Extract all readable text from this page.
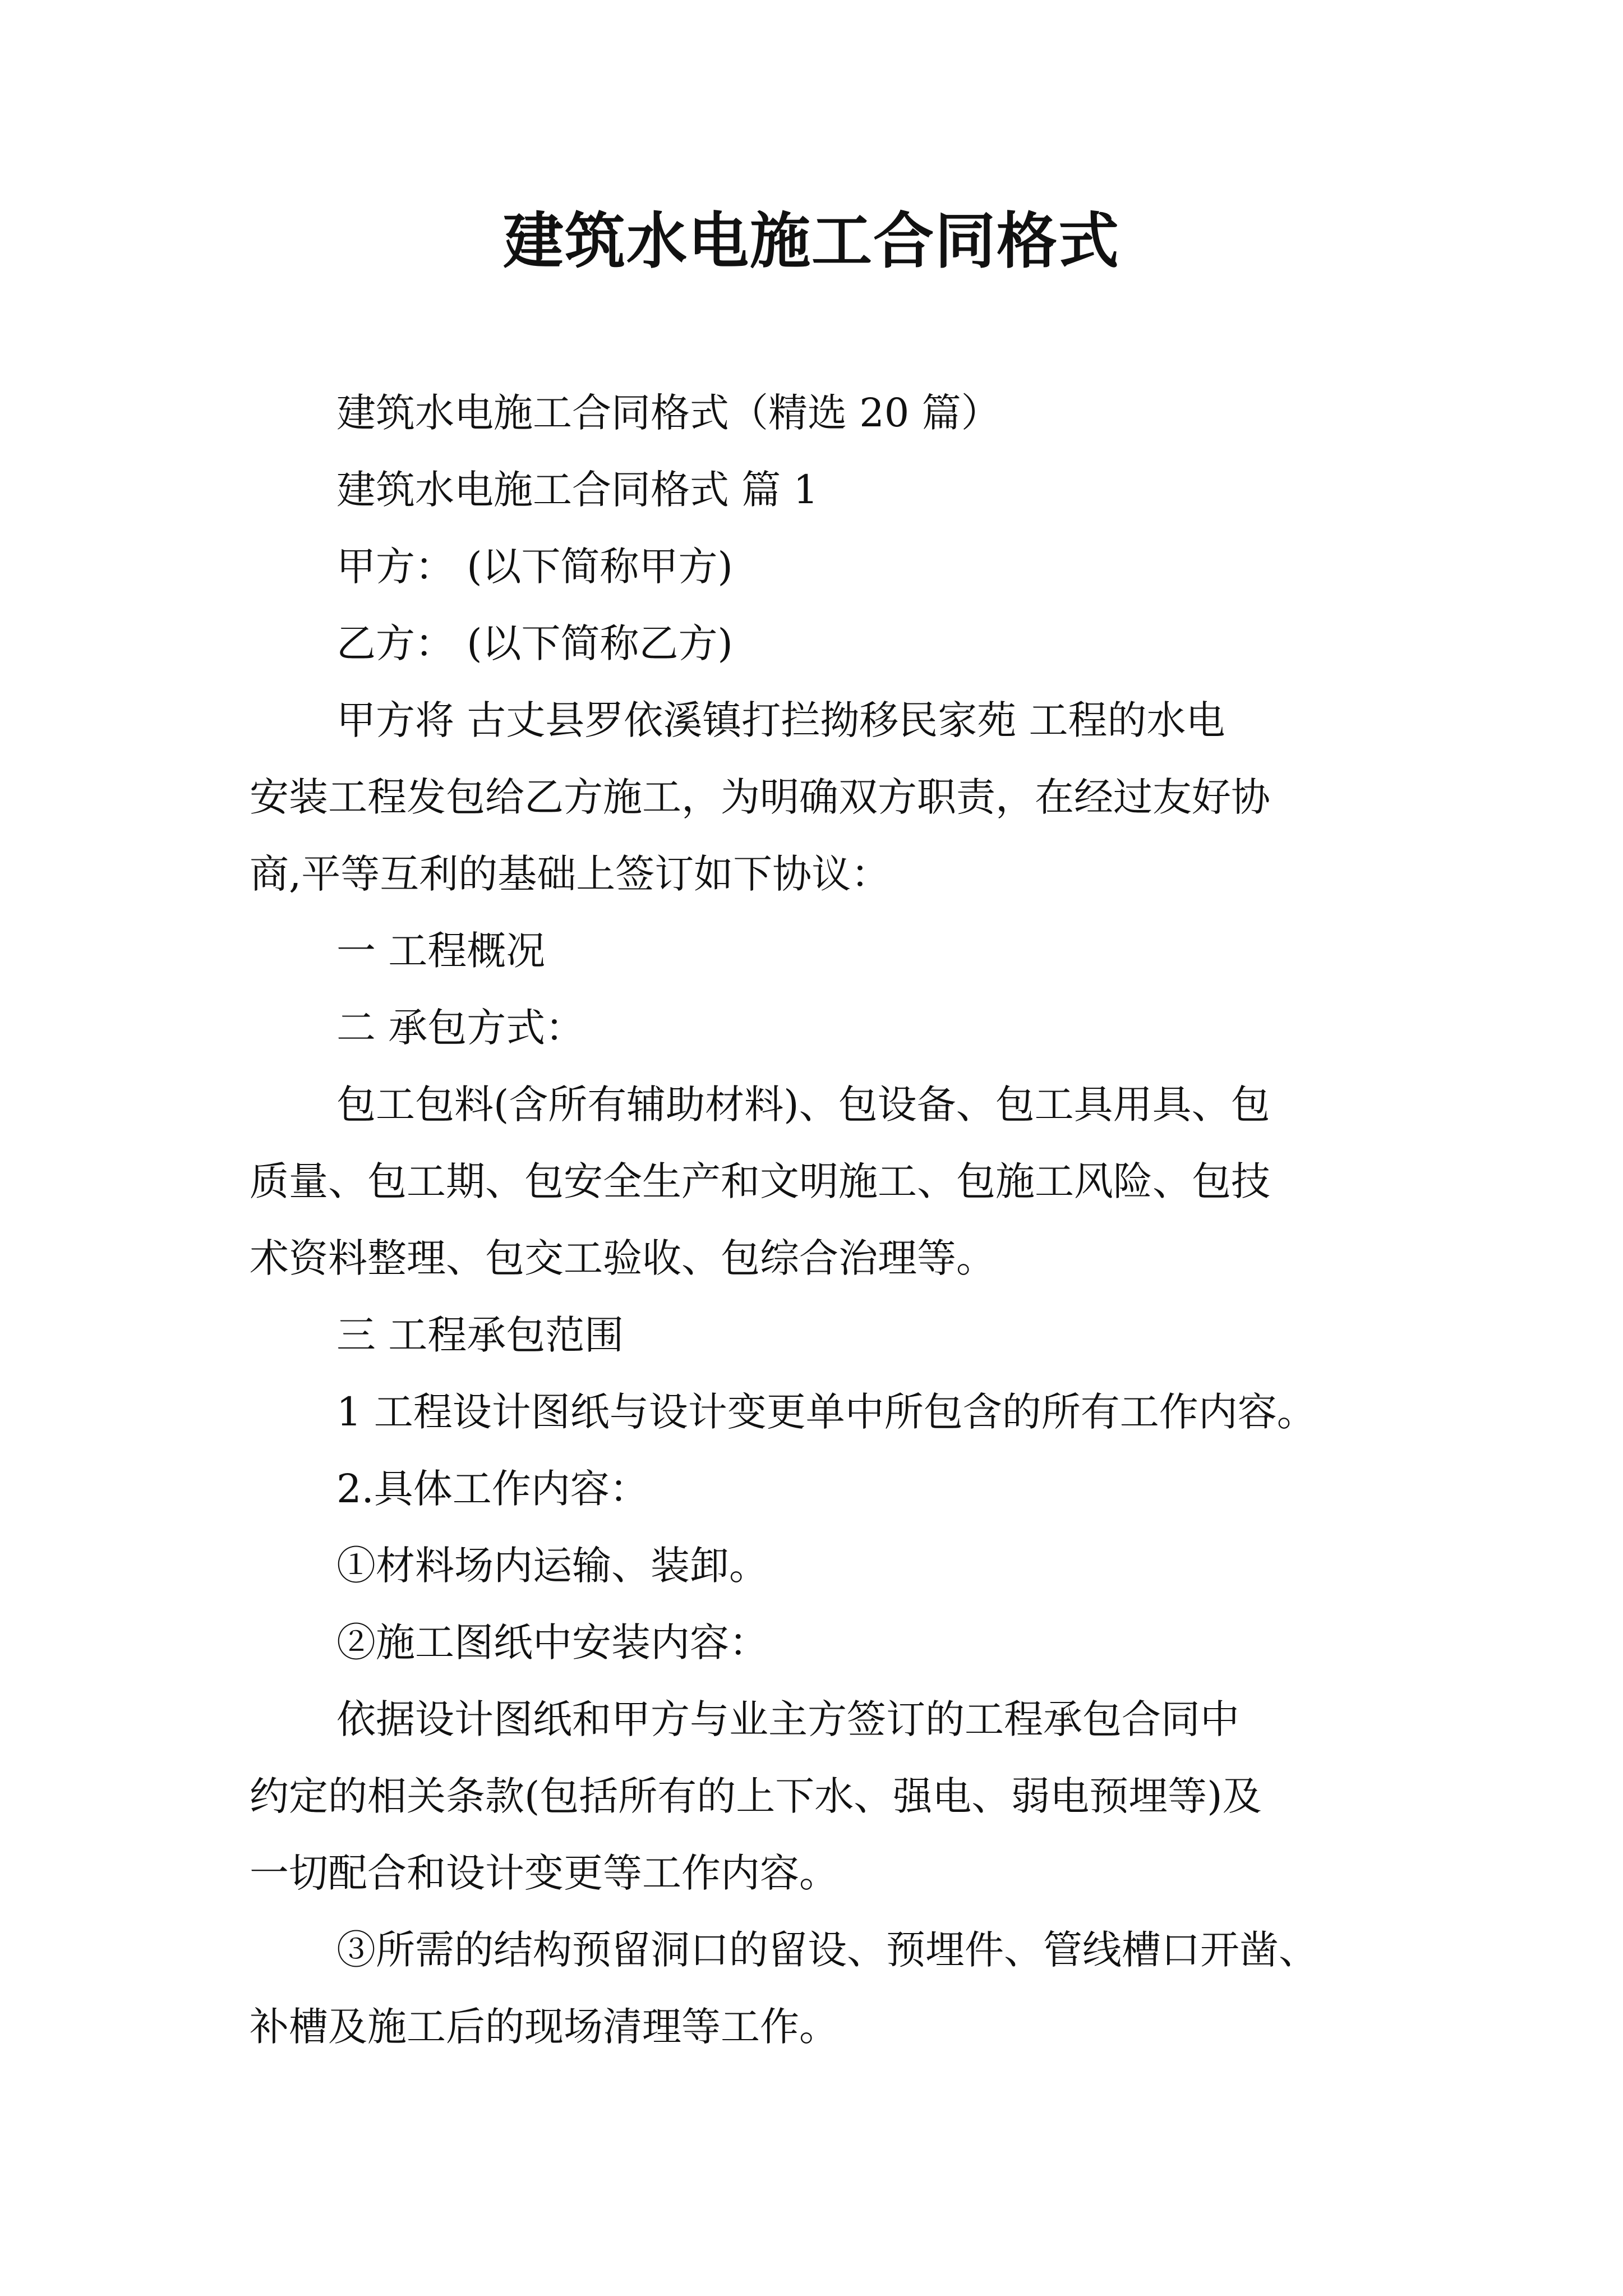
建筑水电施工合同格式
建筑水电施工合同格式（精选 20 篇）
建筑水电施工合同格式 篇 1
甲方： (以下简称甲方)
乙方： (以下简称乙方)
甲方将 古丈县罗依溪镇打拦拗移民家苑 工程的水电
安装工程发包给乙方施工，为明确双方职责，在经过友好协
商,平等互利的基础上签订如下协议：
一 工程概况
二 承包方式：
包工包料(含所有辅助材料)、包设备、包工具用具、包
质量、包工期、包安全生产和文明施工、包施工风险、包技
术资料整理、包交工验收、包综合治理等。
三 工程承包范围
1 工程设计图纸与设计变更单中所包含的所有工作内容。
2.具体工作内容：
①材料场内运输、装卸。
②施工图纸中安装内容：
依据设计图纸和甲方与业主方签订的工程承包合同中
约定的相关条款(包括所有的上下水、强电、弱电预埋等)及
一切配合和设计变更等工作内容。
③所需的结构预留洞口的留设、预埋件、管线槽口开凿、
补槽及施工后的现场清理等工作。
